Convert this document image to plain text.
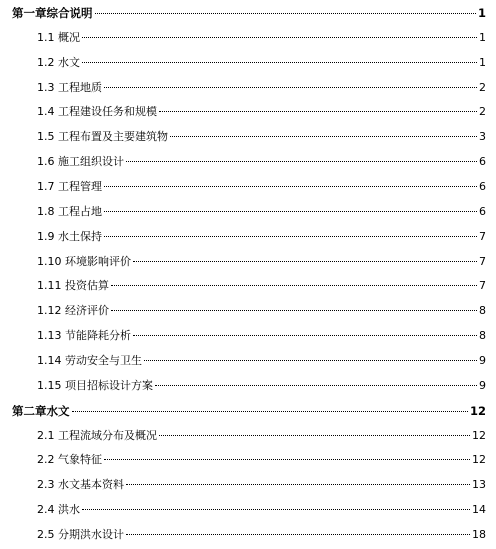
第一章综合说明	1
1.1 概况	1
1.2 水文	1
1.3 工程地质	2
1.4 工程建设任务和规模	2
1.5 工程布置及主要建筑物	3
1.6 施工组织设计	6
1.7 工程管理	6
1.8 工程占地	6
1.9 水土保持	7
1.10 环境影响评价	7
1.11 投资估算	7
1.12 经济评价	8
1.13 节能降耗分析	8
1.14 劳动安全与卫生	9
1.15 项目招标设计方案	9
第二章水文	12
2.1 工程流域分布及概况	12
2.2 气象特征	12
2.3 水文基本资料	13
2.4 洪水	14
2.5 分期洪水设计	18
